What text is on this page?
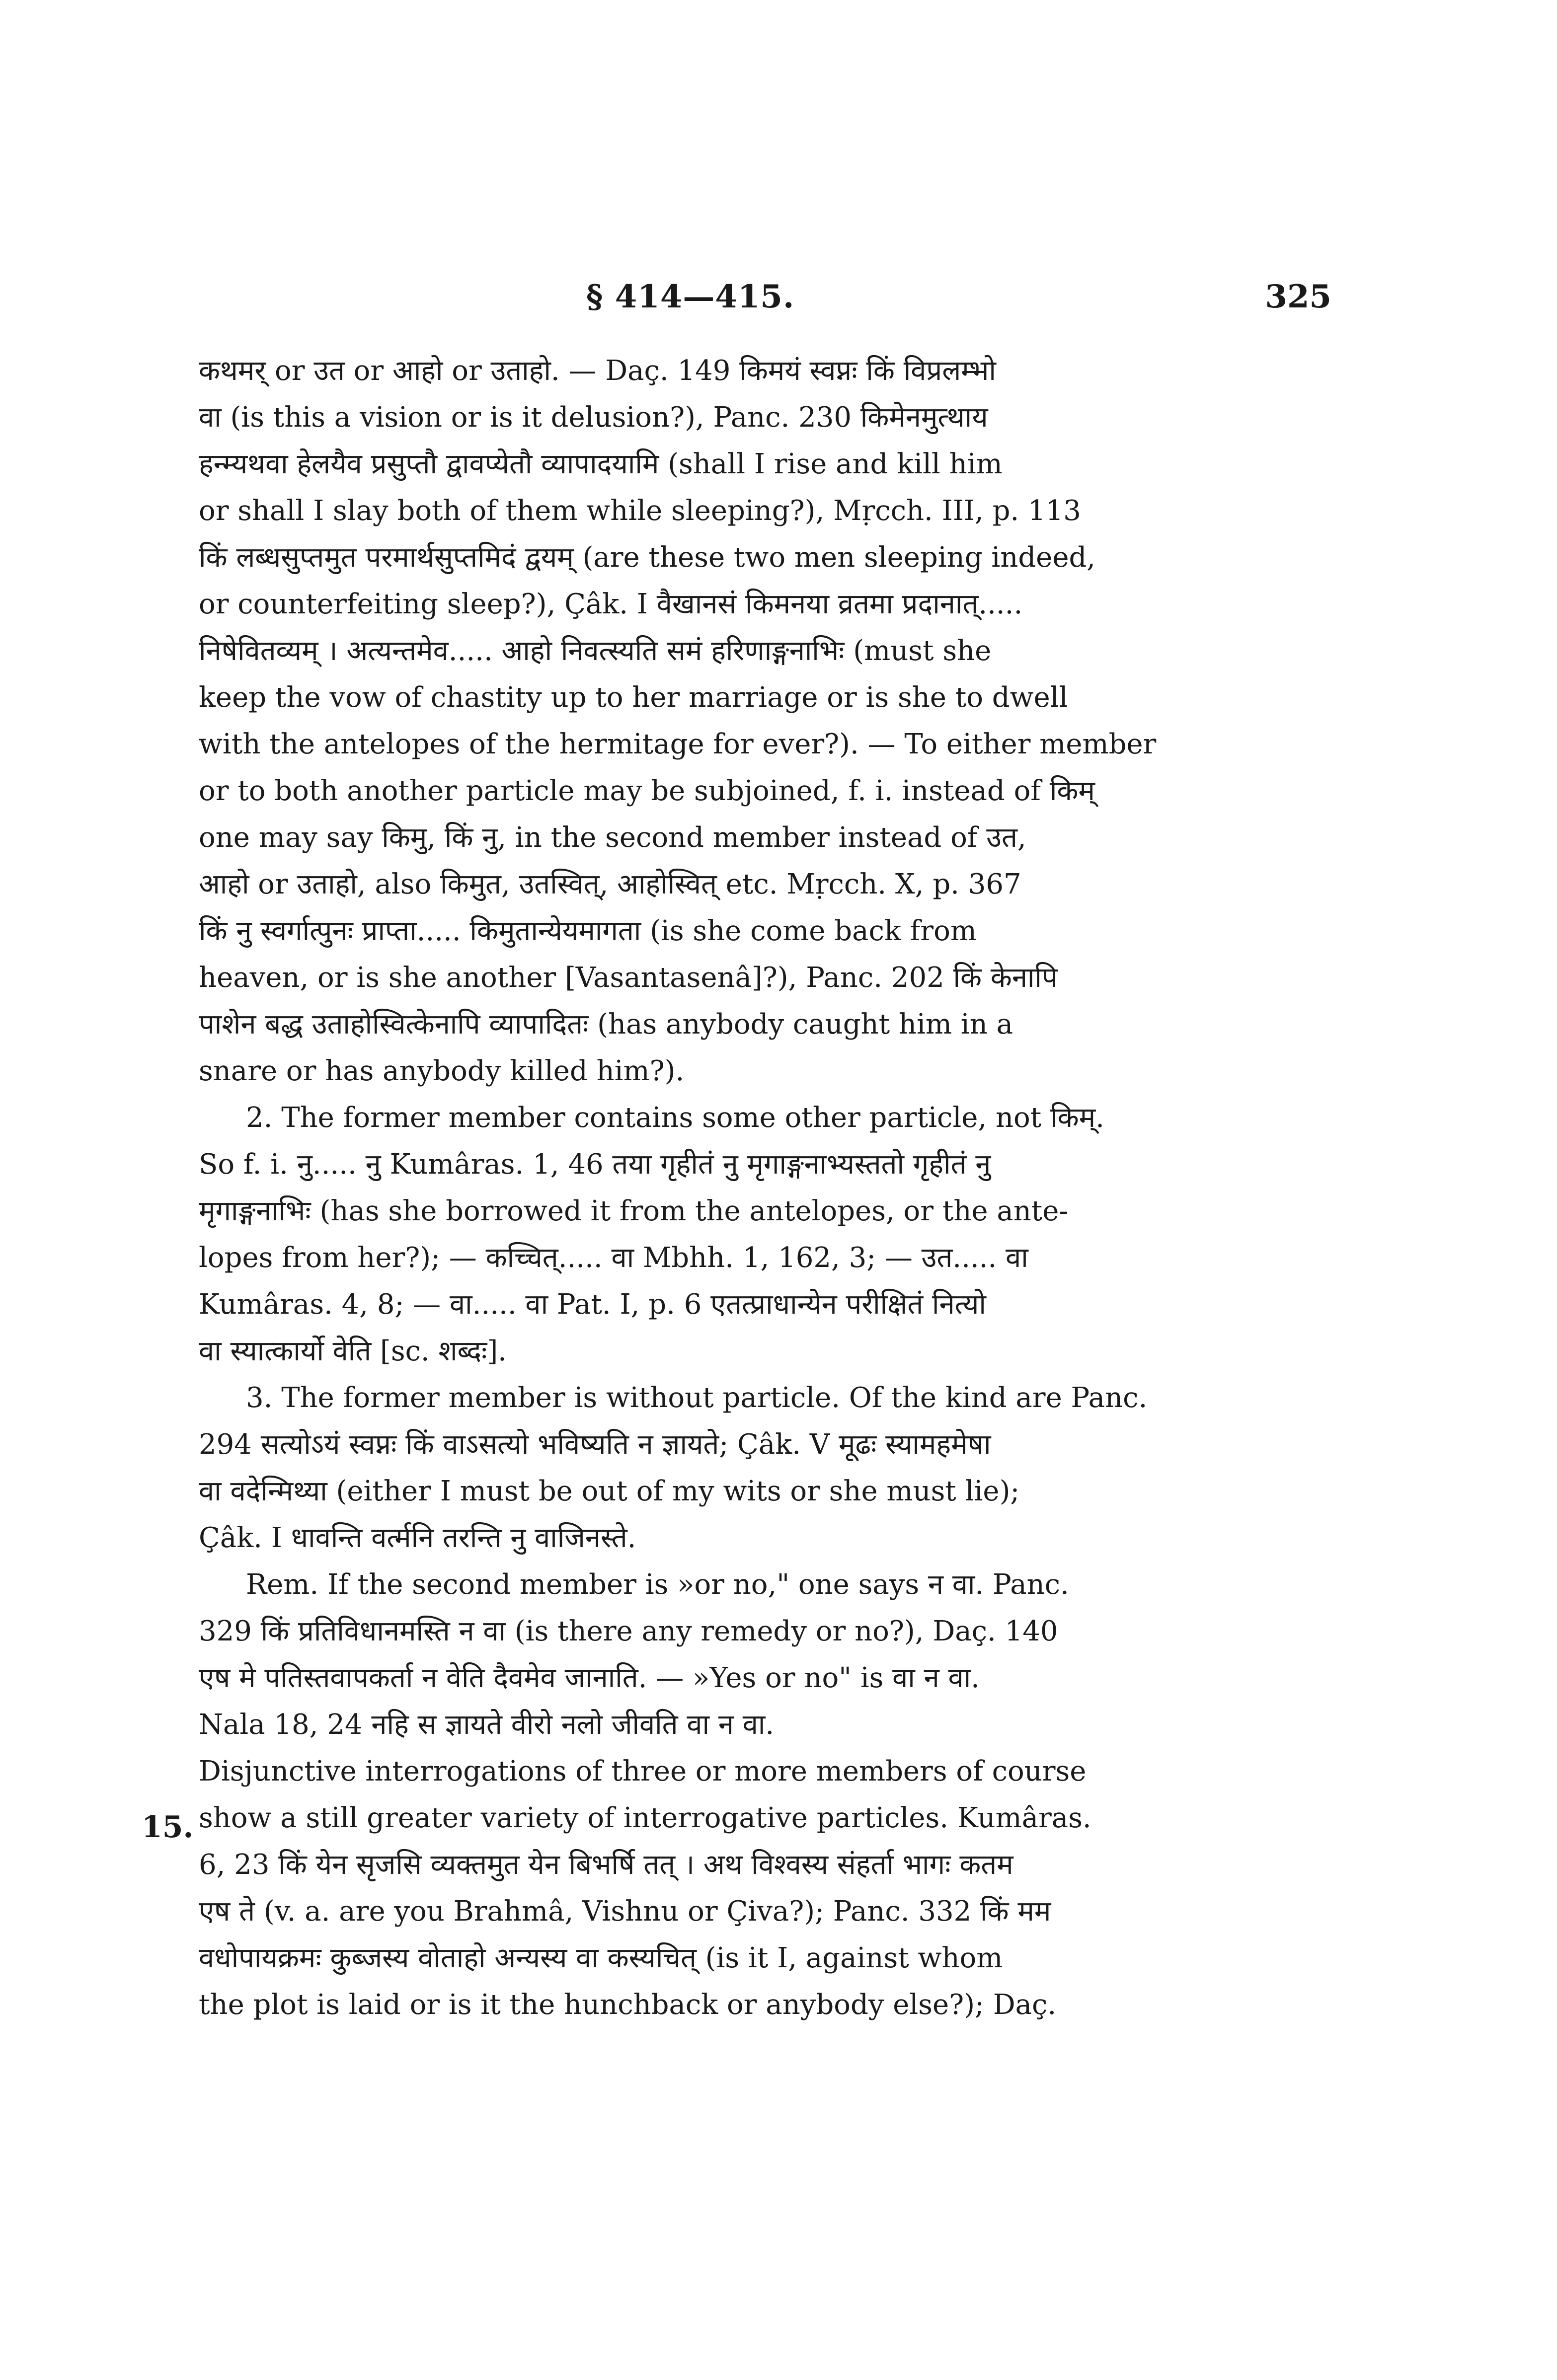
§ 414—415.	325
15.
कथमर् or उत or आहो or उताहो. — Daç. 149 किमयं स्वप्नः किं विप्रलम्भो
वा (is this a vision or is it delusion?), Panc. 230 किमेनमुत्थाय
हन्म्यथवा हेलयैव प्रसुप्तौ द्वावप्येतौ व्यापादयामि (shall I rise and kill him
or shall I slay both of them while sleeping?), Mṛcch. III, p. 113
किं लब्धसुप्तमुत परमार्थसुप्तमिदं द्वयम् (are these two men sleeping indeed,
or counterfeiting sleep?), Çâk. I वैखानसं किमनया व्रतमा प्रदानात्.....
निषेवितव्यम् । अत्यन्तमेव..... आहो निवत्स्यति समं हरिणाङ्गनाभिः (must she
keep the vow of chastity up to her marriage or is she to dwell
with the antelopes of the hermitage for ever?). — To either member
or to both another particle may be subjoined, f. i. instead of किम्
one may say किमु, किं नु, in the second member instead of उत,
आहो or उताहो, also किमुत, उतस्वित्, आहोस्वित् etc. Mṛcch. X, p. 367
किं नु स्वर्गात्पुनः प्राप्ता..... किमुतान्येयमागता (is she come back from
heaven, or is she another [Vasantasenâ]?), Panc. 202 किं केनापि
पाशेन बद्ध उताहोस्वित्केनापि व्यापादितः (has anybody caught him in a
snare or has anybody killed him?).
2. The former member contains some other particle, not किम्.
So f. i. नु..... नु Kumâras. 1, 46 तया गृहीतं नु मृगाङ्गनाभ्यस्ततो गृहीतं नु
मृगाङ्गनाभिः (has she borrowed it from the antelopes, or the ante-
lopes from her?); — कच्चित्..... वा Mbhh. 1, 162, 3; — उत..... वा
Kumâras. 4, 8; — वा..... वा Pat. I, p. 6 एतत्प्राधान्येन परीक्षितं नित्यो
वा स्यात्कार्यो वेति [sc. शब्दः].
3. The former member is without particle. Of the kind are Panc.
294 सत्योऽयं स्वप्नः किं वाऽसत्यो भविष्यति न ज्ञायते; Çâk. V मूढः स्यामहमेषा
वा वदेन्मिथ्या (either I must be out of my wits or she must lie);
Çâk. I धावन्ति वर्त्मनि तरन्ति नु वाजिनस्ते.
Rem. If the second member is »or no," one says न वा. Panc.
329 किं प्रतिविधानमस्ति न वा (is there any remedy or no?), Daç. 140
एष मे पतिस्तवापकर्ता न वेति दैवमेव जानाति. — »Yes or no" is वा न वा.
Nala 18, 24 नहि स ज्ञायते वीरो नलो जीवति वा न वा.
Disjunctive interrogations of three or more members of course
show a still greater variety of interrogative particles. Kumâras.
6, 23 किं येन सृजसि व्यक्तमुत येन बिभर्षि तत् । अथ विश्वस्य संहर्ता भागः कतम
एष ते (v. a. are you Brahmâ, Vishnu or Çiva?); Panc. 332 किं मम
वधोपायक्रमः कुब्जस्य वोताहो अन्यस्य वा कस्यचित् (is it I, against whom
the plot is laid or is it the hunchback or anybody else?); Daç.
